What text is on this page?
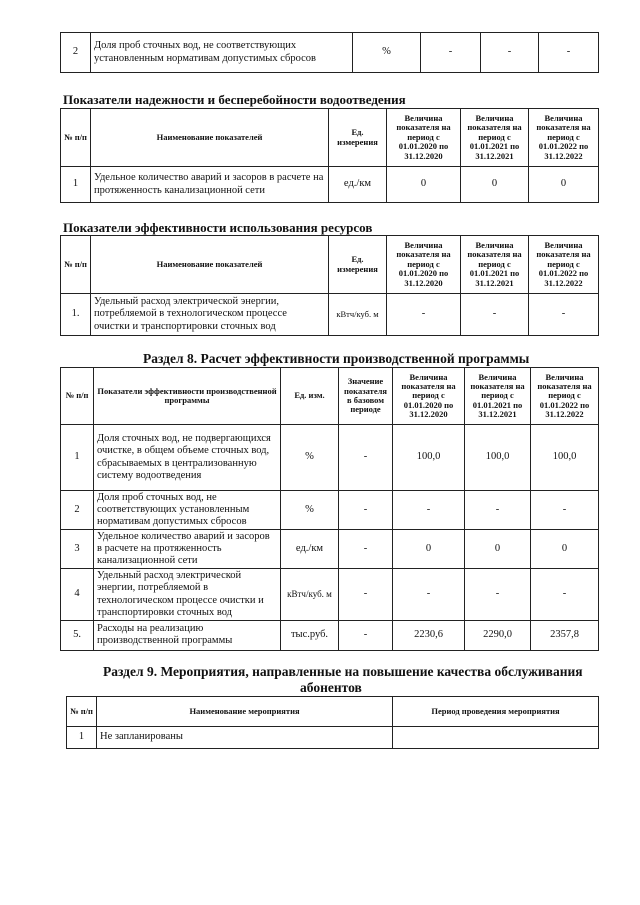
2	Доля проб сточных вод, не соответствующих установленным нормативам допустимых сбросов	%	-	-	-
Показатели надежности и бесперебойности водоотведения
№ п/п	Наименование показателей	Ед. измерения	Величина показателя на период с 01.01.2020 по 31.12.2020	Величина показателя на период с 01.01.2021 по 31.12.2021	Величина показателя на период с 01.01.2022 по 31.12.2022
1	Удельное количество аварий и засоров в расчете на протяженность канализационной сети	ед./км	0	0	0
Показатели эффективности использования ресурсов
№ п/п	Наименование показателей	Ед. измерения	Величина показателя на период с 01.01.2020 по 31.12.2020	Величина показателя на период с 01.01.2021 по 31.12.2021	Величина показателя на период с 01.01.2022 по 31.12.2022
1.	Удельный расход электрической энергии, потребляемой в технологическом процессе очистки и транспортировки сточных вод	кВтч/куб. м	-	-	-
Раздел 8. Расчет эффективности производственной программы
№ п/п	Показатели эффективности производственной программы	Ед. изм.	Значение показателя в базовом периоде	Величина показателя на период с 01.01.2020 по 31.12.2020	Величина показателя на период с 01.01.2021 по 31.12.2021	Величина показателя на период с 01.01.2022 по 31.12.2022
1	Доля сточных вод, не подвергающихся очистке, в общем объеме сточных вод, сбрасываемых в централизованную систему водоотведения	%	-	100,0	100,0	100,0
2	Доля проб сточных вод, не соответствующих установленным нормативам допустимых сбросов	%	-	-	-	-
3	Удельное количество аварий и засоров в расчете на протяженность канализационной сети	ед./км	-	0	0	0
4	Удельный расход электрической энергии, потребляемой в технологическом процессе очистки и транспортировки сточных вод	кВтч/куб. м	-	-	-	-
5.	Расходы на реализацию производственной программы	тыс.руб.	-	2230,6	2290,0	2357,8
Раздел 9. Мероприятия, направленные на повышение качества обслуживания
абонентов
№ п/п	Наименование мероприятия	Период проведения мероприятия
1	Не запланированы	
